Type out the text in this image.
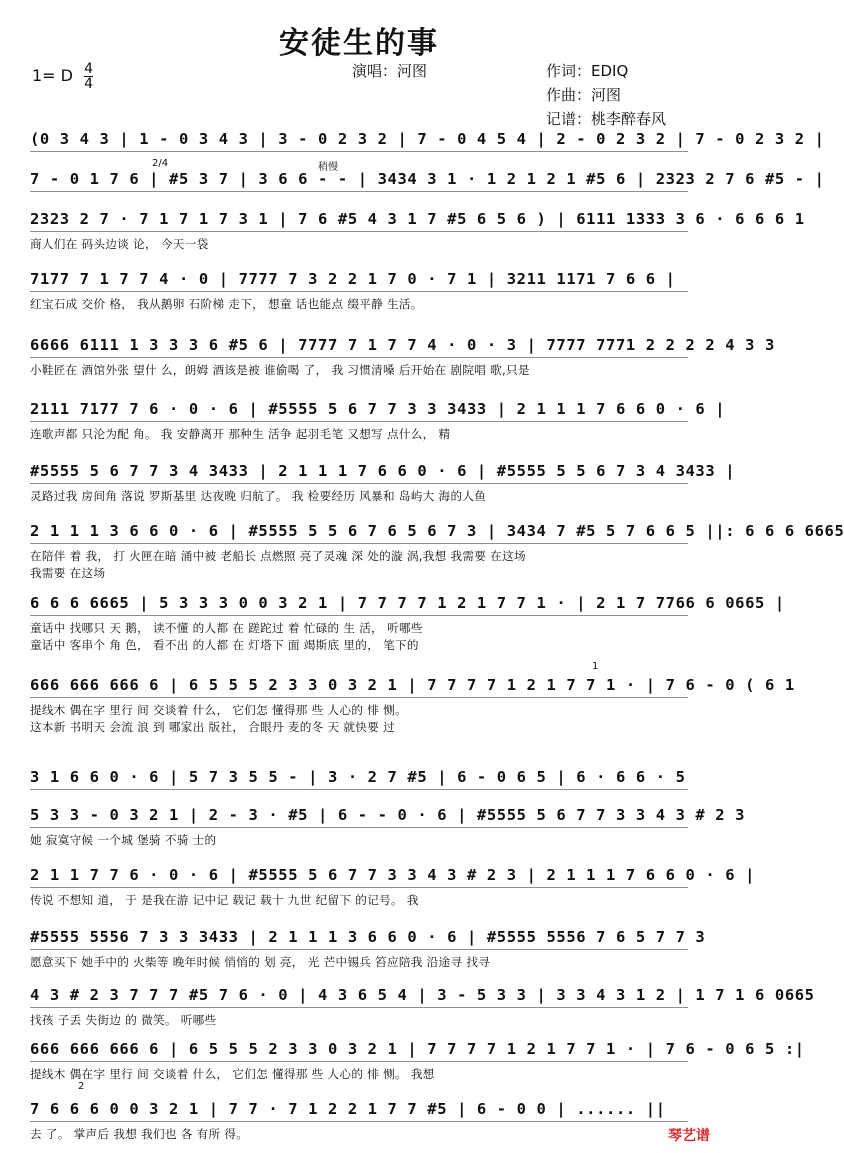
安徒生的事
1= D $\frac{4}{4}$	演唱：河图	作词：EDIQ
作曲：河图
记谱：桃李醉春风
2/4	稍慢
1
2
(0 3 4 3 | 1 - 0 3 4 3 | 3 - 0 2 3 2 | 7 - 0 4 5 4 | 2 - 0 2 3 2 | 7 - 0 2 3 2 |
7 - 0 1 7 6 | #5 3 7 | 3 6 6 - - | 3434 3 1 · 1 2 1 2 1 #5 6 | 2323 2 7 6 #5 - |
2323 2 7 · 7 1 7 1 7 3 1 | 7 6 #5 4 3 1 7 #5 6 5 6 ) | 6111 1333 3 6 · 6 6 6 1
商人们在 码头边谈 论， 今天一袋
7177 7 1 7 7 4 · 0 | 7777 7 3 2 2 1 7 0 · 7 1 | 3211 1171 7 6 6 |
红宝石成 交价 格， 我从鹅卵 石阶梯 走下， 想童 话也能点 缀平静 生活。
6666 6111 1 3 3 3 6 #5 6 | 7777 7 1 7 7 4 · 0 · 3 | 7777 7771 2 2 2 2 4 3 3
小鞋匠在 酒馆外张 望什 么，朗姆 酒该是被 谁偷喝 了， 我 习惯清嗓 后开始在 剧院唱 歌,只是
2111 7177 7 6 · 0 · 6 | #5555 5 6 7 7 3 3 3433 | 2 1 1 1 7 6 6 0 · 6 |
连歌声都 只沦为配 角。 我 安静离开 那种生 活争 起羽毛笔 又想写 点什么， 精
#5555 5 6 7 7 3 4 3433 | 2 1 1 1 7 6 6 0 · 6 | #5555 5 5 6 7 3 4 3433 |
灵路过我 房间角 落说 罗斯基里 达夜晚 归航了。 我 检要经历 风暴和 岛屿大 海的人鱼
2 1 1 1 3 6 6 0 · 6 | #5555 5 5 6 7 6 5 6 7 3 | 3434 7 #5 5 7 6 6 5 ||: 6 6 6 6665
在陪伴 着 我， 打 火匣在暗 涌中被 老船长 点燃照 亮了灵魂 深 处的漩 涡,我想 我需要 在这场
我需要 在这场
6 6 6 6665 | 5 3 3 3 0 0 3 2 1 | 7 7 7 7 1 2 1 7 7 1 · | 2 1 7 7766 6 0665 |
童话中 找哪只 天 鹅， 读不懂 的人都 在 蹉跎过 着 忙碌的 生 活， 听哪些
童话中 客串个 角 色， 看不出 的人都 在 灯塔下 面 竭斯底 里的， 笔下的
666 666 666 6 | 6 5 5 5 2 3 3 0 3 2 1 | 7 7 7 7 1 2 1 7 7 1 · | 7 6 - 0 ( 6 1
提线木 偶在字 里行 间 交谈着 什么， 它们怎 懂得那 些 人心的 悱 恻。
这本新 书明天 会流 浪 到 哪家出 版社， 合眼丹 麦的冬 天 就快要 过
3 1 6 6 0 · 6 | 5 7 3 5 5 - | 3 · 2 7 #5 | 6 - 0 6 5 | 6 · 6 6 · 5
5 3 3 - 0 3 2 1 | 2 - 3 · #5 | 6 - - 0 · 6 | #5555 5 6 7 7 3 3 4 3 # 2 3
她 寂寞守候 一个城 堡骑 不骑 士的
2 1 1 7 7 6 · 0 · 6 | #5555 5 6 7 7 3 3 4 3 # 2 3 | 2 1 1 1 7 6 6 0 · 6 |
传说 不想知 道， 于 是我在游 记中记 载记 载十 九世 纪留下 的记号。 我
#5555 5556 7 3 3 3433 | 2 1 1 1 3 6 6 0 · 6 | #5555 5556 7 6 5 7 7 3
愿意买下 她手中的 火柴等 晚年时候 悄悄的 划 亮， 光 芒中锡兵 笞应陪我 沿途寻 找寻
4 3 # 2 3 7 7 7 #5 7 6 · 0 | 4 3 6 5 4 | 3 - 5 3 3 | 3 3 4 3 1 2 | 1 7 1 6 0665
找孩 子丢 失街边 的 微笑。 听哪些
666 666 666 6 | 6 5 5 5 2 3 3 0 3 2 1 | 7 7 7 7 1 2 1 7 7 1 · | 7 6 - 0 6 5 :|
提线木 偶在字 里行 间 交谈着 什么， 它们怎 懂得那 些 人心的 悱 恻。 我想
7 6 6 6 0 0 3 2 1 | 7 7 · 7 1 2 2 1 7 7 #5 | 6 - 0 0 | ...... ||
去 了。 掌声后 我想 我们也 各 有所 得。	琴艺谱
